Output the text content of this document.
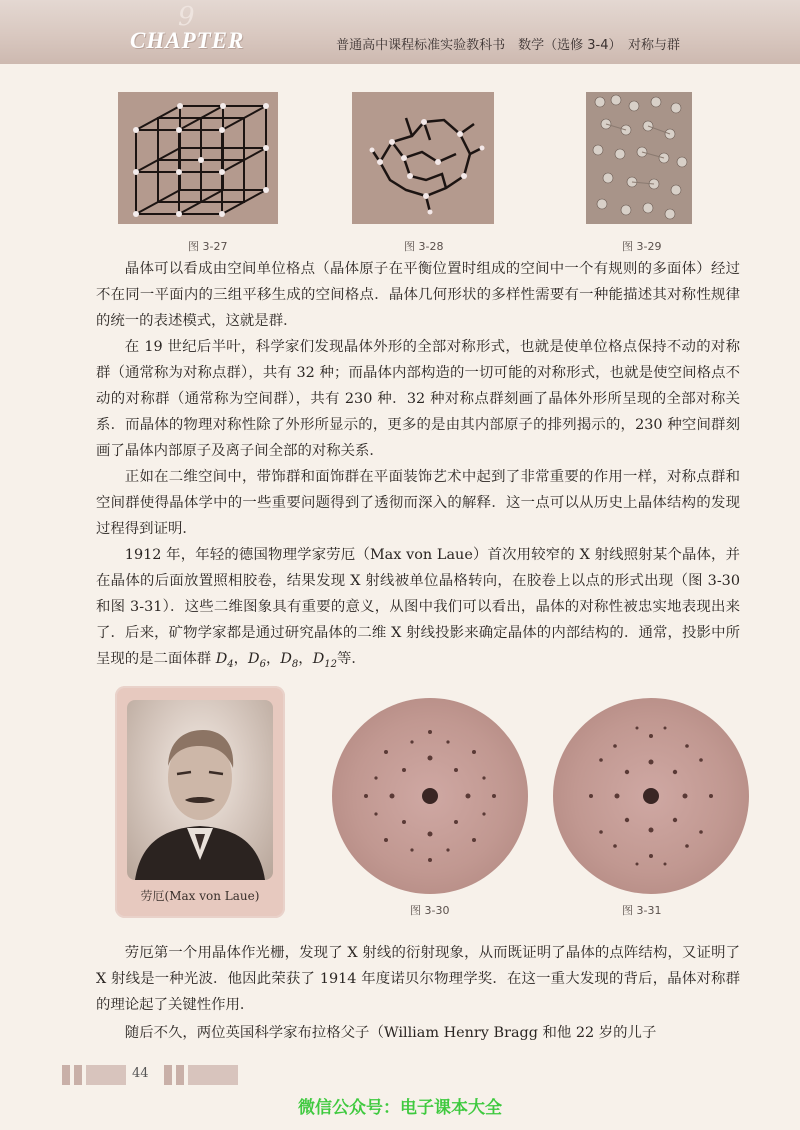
9
CHAPTER	普通高中课程标准实验教科书　数学（选修 3-4）　对称与群
图 3-27	图 3-28	图 3-29

晶体可以看成由空间单位格点（晶体原子在平衡位置时组成的空间中一个有规则的多面体）经过不在同一平面内的三组平移生成的空间格点．晶体几何形状的多样性需要有一种能描述其对称性规律的统一的表述模式，这就是群．

在 19 世纪后半叶，科学家们发现晶体外形的全部对称形式，也就是使单位格点保持不动的对称群（通常称为对称点群），共有 32 种；而晶体内部构造的一切可能的对称形式，也就是使空间格点不动的对称群（通常称为空间群），共有 230 种．32 种对称点群刻画了晶体外形所呈现的全部对称关系．而晶体的物理对称性除了外形所显示的，更多的是由其内部原子的排列揭示的，230 种空间群刻画了晶体内部原子及离子间全部的对称关系．

正如在二维空间中，带饰群和面饰群在平面装饰艺术中起到了非常重要的作用一样，对称点群和空间群使得晶体学中的一些重要问题得到了透彻而深入的解释．这一点可以从历史上晶体结构的发现过程得到证明．

1912 年，年轻的德国物理学家劳厄（Max von Laue）首次用较窄的 X 射线照射某个晶体，并在晶体的后面放置照相胶卷，结果发现 X 射线被单位晶格转向，在胶卷上以点的形式出现（图 3-30 和图 3-31）．这些二维图象具有重要的意义，从图中我们可以看出，晶体的对称性被忠实地表现出来了．后来，矿物学家都是通过研究晶体的二维 X 射线投影来确定晶体的内部结构的．通常，投影中所呈现的是二面体群 $D_4$，$D_6$，$D_8$，$D_{12}$等．

劳厄(Max von Laue)
图 3-30	图 3-31

劳厄第一个用晶体作光栅，发现了 X 射线的衍射现象，从而既证明了晶体的点阵结构，又证明了 X 射线是一种光波．他因此荣获了 1914 年度诺贝尔物理学奖．在这一重大发现的背后，晶体对称群的理论起了关键性作用．

随后不久，两位英国科学家布拉格父子（William Henry Bragg 和他 22 岁的儿子

44
微信公众号：电子课本大全
